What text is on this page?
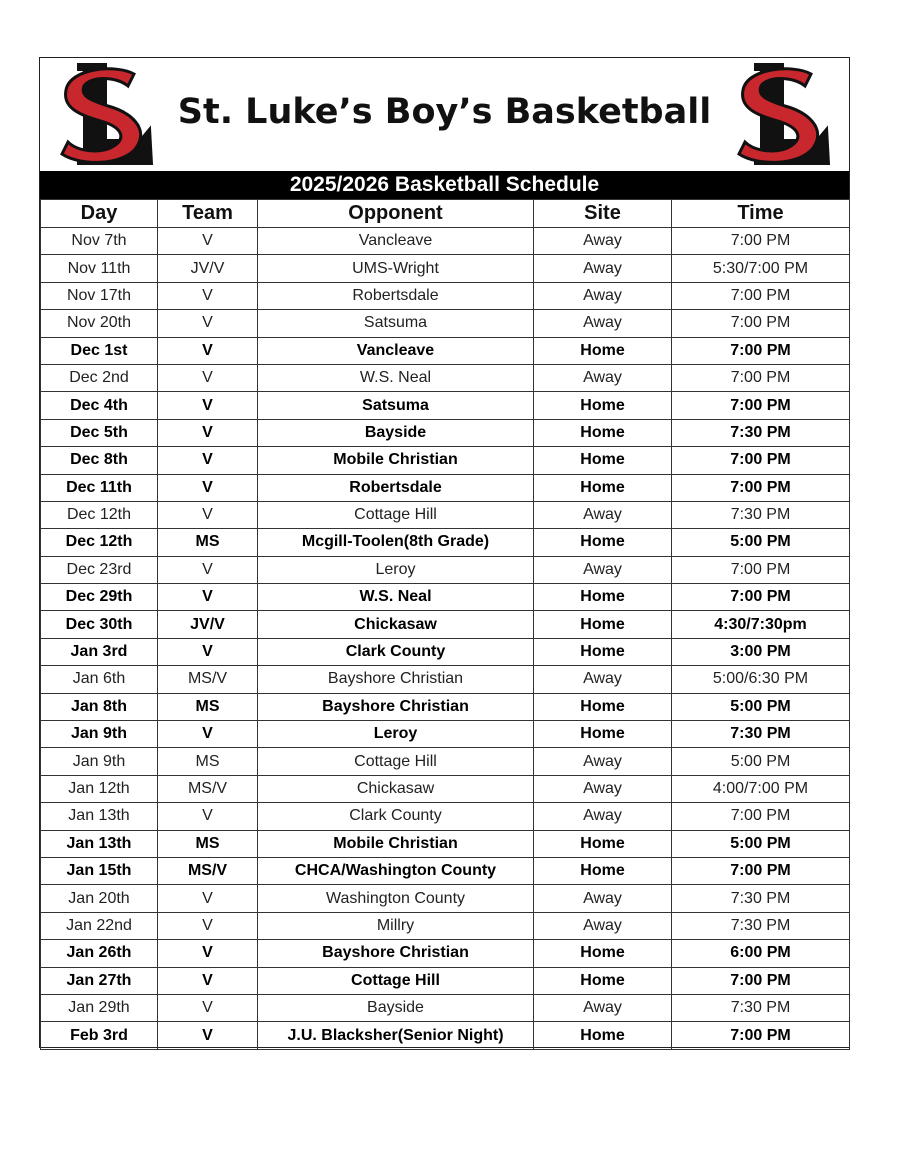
St. Luke’s Boy’s Basketball
2025/2026 Basketball Schedule
Day	Team	Opponent	Site	Time
Nov 7th	V	Vancleave	Away	7:00 PM
Nov 11th	JV/V	UMS-Wright	Away	5:30/7:00 PM
Nov 17th	V	Robertsdale	Away	7:00 PM
Nov 20th	V	Satsuma	Away	7:00 PM
Dec 1st	V	Vancleave	Home	7:00 PM
Dec 2nd	V	W.S. Neal	Away	7:00 PM
Dec 4th	V	Satsuma	Home	7:00 PM
Dec 5th	V	Bayside	Home	7:30 PM
Dec 8th	V	Mobile Christian	Home	7:00 PM
Dec 11th	V	Robertsdale	Home	7:00 PM
Dec 12th	V	Cottage Hill	Away	7:30 PM
Dec 12th	MS	Mcgill-Toolen(8th Grade)	Home	5:00 PM
Dec 23rd	V	Leroy	Away	7:00 PM
Dec 29th	V	W.S. Neal	Home	7:00 PM
Dec 30th	JV/V	Chickasaw	Home	4:30/7:30pm
Jan 3rd	V	Clark County	Home	3:00 PM
Jan 6th	MS/V	Bayshore Christian	Away	5:00/6:30 PM
Jan 8th	MS	Bayshore Christian	Home	5:00 PM
Jan 9th	V	Leroy	Home	7:30 PM
Jan 9th	MS	Cottage Hill	Away	5:00 PM
Jan 12th	MS/V	Chickasaw	Away	4:00/7:00 PM
Jan 13th	V	Clark County	Away	7:00 PM
Jan 13th	MS	Mobile Christian	Home	5:00 PM
Jan 15th	MS/V	CHCA/Washington County	Home	7:00 PM
Jan 20th	V	Washington County	Away	7:30 PM
Jan 22nd	V	Millry	Away	7:30 PM
Jan 26th	V	Bayshore Christian	Home	6:00 PM
Jan 27th	V	Cottage Hill	Home	7:00 PM
Jan 29th	V	Bayside	Away	7:30 PM
Feb 3rd	V	J.U. Blacksher(Senior Night)	Home	7:00 PM
